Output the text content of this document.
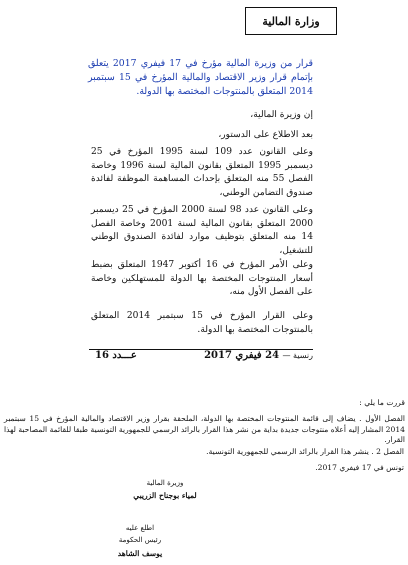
وزارة المالية
قرار من وزيرة المالية مؤرخ في 17 فيفري 2017 يتعلق بإتمام قرار وزير الاقتصاد والمالية المؤرخ في 15 سبتمبر 2014 المتعلق بالمنتوجات المختصة بها الدولة.

إن وزيرة المالية،

بعد الاطلاع على الدستور،

وعلى القانون عدد 109 لسنة 1995 المؤرخ في 25 ديسمبر 1995 المتعلق بقانون المالية لسنة 1996 وخاصة الفصل 55 منه المتعلق بإحداث المساهمة الموظفة لفائدة صندوق التضامن الوطني،

وعلى القانون عدد 98 لسنة 2000 المؤرخ في 25 ديسمبر 2000 المتعلق بقانون المالية لسنة 2001 وخاصة الفصل 14 منه المتعلق بتوظيف موارد لفائدة الصندوق الوطني للتشغيل،

وعلى الأمر المؤرخ في 16 أكتوبر 1947 المتعلق بضبط أسعار المنتوجات المختصة بها الدولة للمستهلكين وخاصة على الفصل الأول منه،

وعلى القرار المؤرخ في 15 سبتمبر 2014 المتعلق بالمنتوجات المختصة بها الدولة.

عـــدد 16	رنسية — 24 فيفري 2017
قررت ما يلي :
الفصل الأول . يضاف إلى قائمة المنتوجات المختصة بها الدولة، الملحقة بقرار وزير الاقتصاد والمالية المؤرخ في 15 سبتمبر 2014 المشار إليه أعلاه منتوجات جديدة بداية من نشر هذا القرار بالرائد الرسمي للجمهورية التونسية طبقا للقائمة المصاحبة لهذا القرار.
الفصل 2 . ينشر هذا القرار بالرائد الرسمي للجمهورية التونسية.
تونس في 17 فيفري 2017.
وزيرة المالية
لمياء بوجناح الزريبي
اطلع عليه
رئيس الحكومة
يوسف الشاهد
